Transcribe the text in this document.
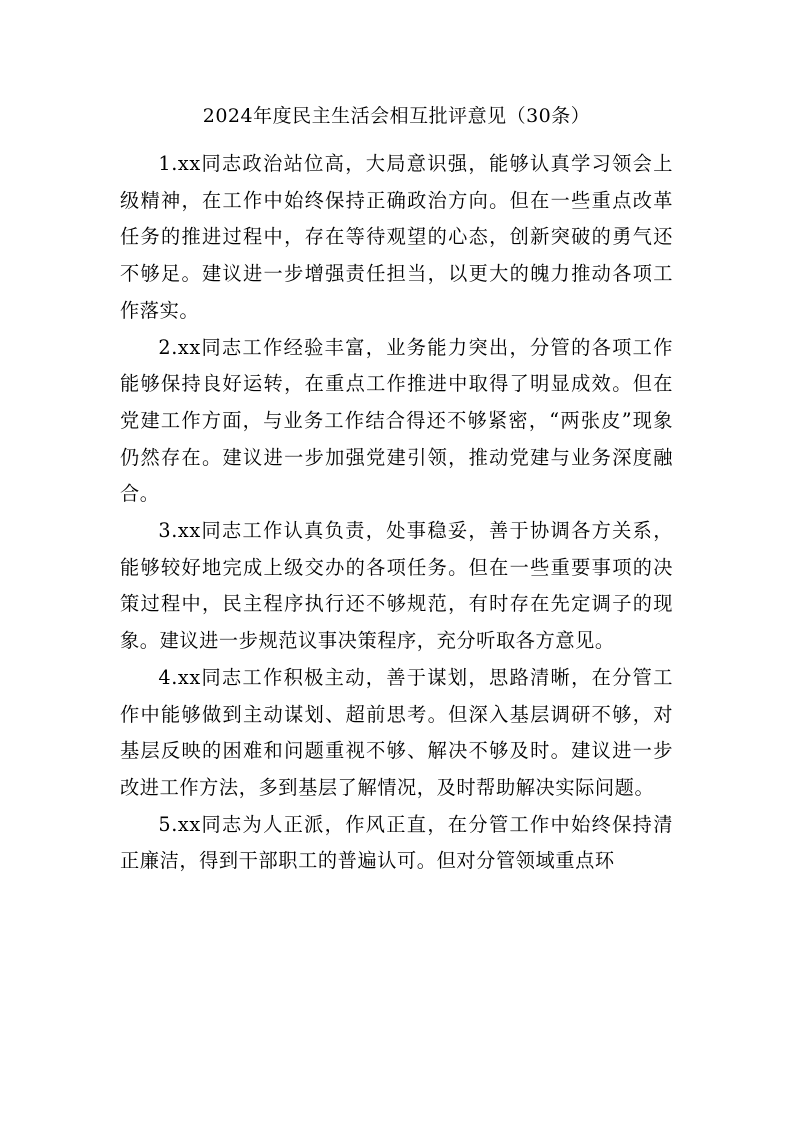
2024年度民主生活会相互批评意见（30条）

1.xx同志政治站位高，大局意识强，能够认真学习领会上级精神，在工作中始终保持正确政治方向。但在一些重点改革任务的推进过程中，存在等待观望的心态，创新突破的勇气还不够足。建议进一步增强责任担当，以更大的魄力推动各项工作落实。

2.xx同志工作经验丰富，业务能力突出，分管的各项工作能够保持良好运转，在重点工作推进中取得了明显成效。但在党建工作方面，与业务工作结合得还不够紧密，“两张皮”现象仍然存在。建议进一步加强党建引领，推动党建与业务深度融合。

3.xx同志工作认真负责，处事稳妥，善于协调各方关系，能够较好地完成上级交办的各项任务。但在一些重要事项的决策过程中，民主程序执行还不够规范，有时存在先定调子的现象。建议进一步规范议事决策程序，充分听取各方意见。

4.xx同志工作积极主动，善于谋划，思路清晰，在分管工作中能够做到主动谋划、超前思考。但深入基层调研不够，对基层反映的困难和问题重视不够、解决不够及时。建议进一步改进工作方法，多到基层了解情况，及时帮助解决实际问题。

5.xx同志为人正派，作风正直，在分管工作中始终保持清正廉洁，得到干部职工的普遍认可。但对分管领域重点环
